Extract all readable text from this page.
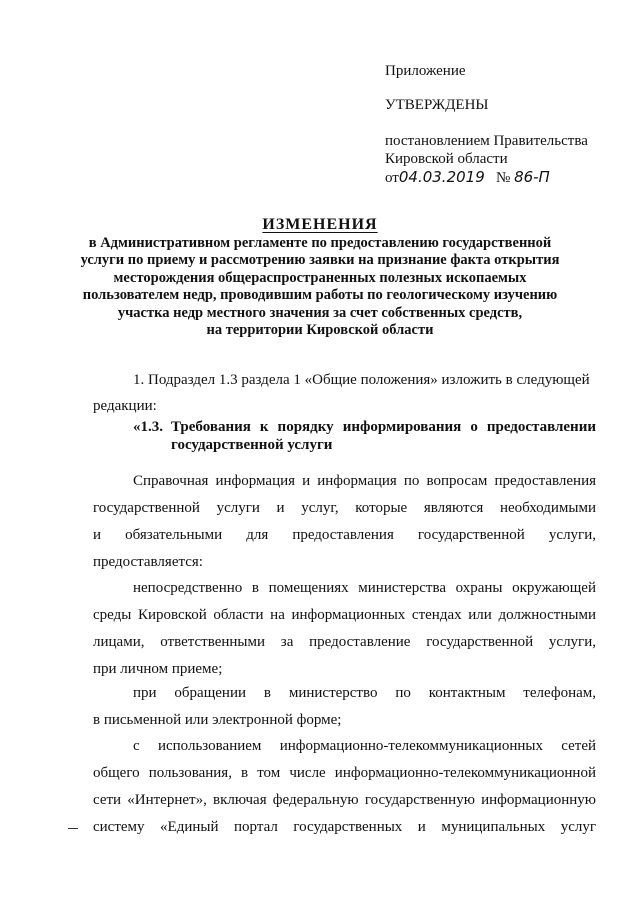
Приложение
УТВЕРЖДЕНЫ
постановлением Правительства
Кировской области
от04.03.2019 № 86-П
ИЗМЕНЕНИЯ
в Административном регламенте по предоставлению государственной
услуги по приему и рассмотрению заявки на признание факта открытия
месторождения общераспространенных полезных ископаемых
пользователем недр, проводившим работы по геологическому изучению
участка недр местного значения за счет собственных средств,
на территории Кировской области
1. Подраздел 1.3 раздела 1 «Общие положения» изложить в следующей
редакции:
«1.3. Требования к порядку информирования о предоставлении
государственной услуги
Справочная информация и информация по вопросам предоставления
государственной услуги и услуг, которые являются необходимыми
и обязательными для предоставления государственной услуги,
предоставляется:
непосредственно в помещениях министерства охраны окружающей
среды Кировской области на информационных стендах или должностными
лицами, ответственными за предоставление государственной услуги,
при личном приеме;
при обращении в министерство по контактным телефонам,
в письменной или электронной форме;
с использованием информационно-телекоммуникационных сетей
общего пользования, в том числе информационно-телекоммуникационной
сети «Интернет», включая федеральную государственную информационную
систему «Единый портал государственных и муниципальных услуг
